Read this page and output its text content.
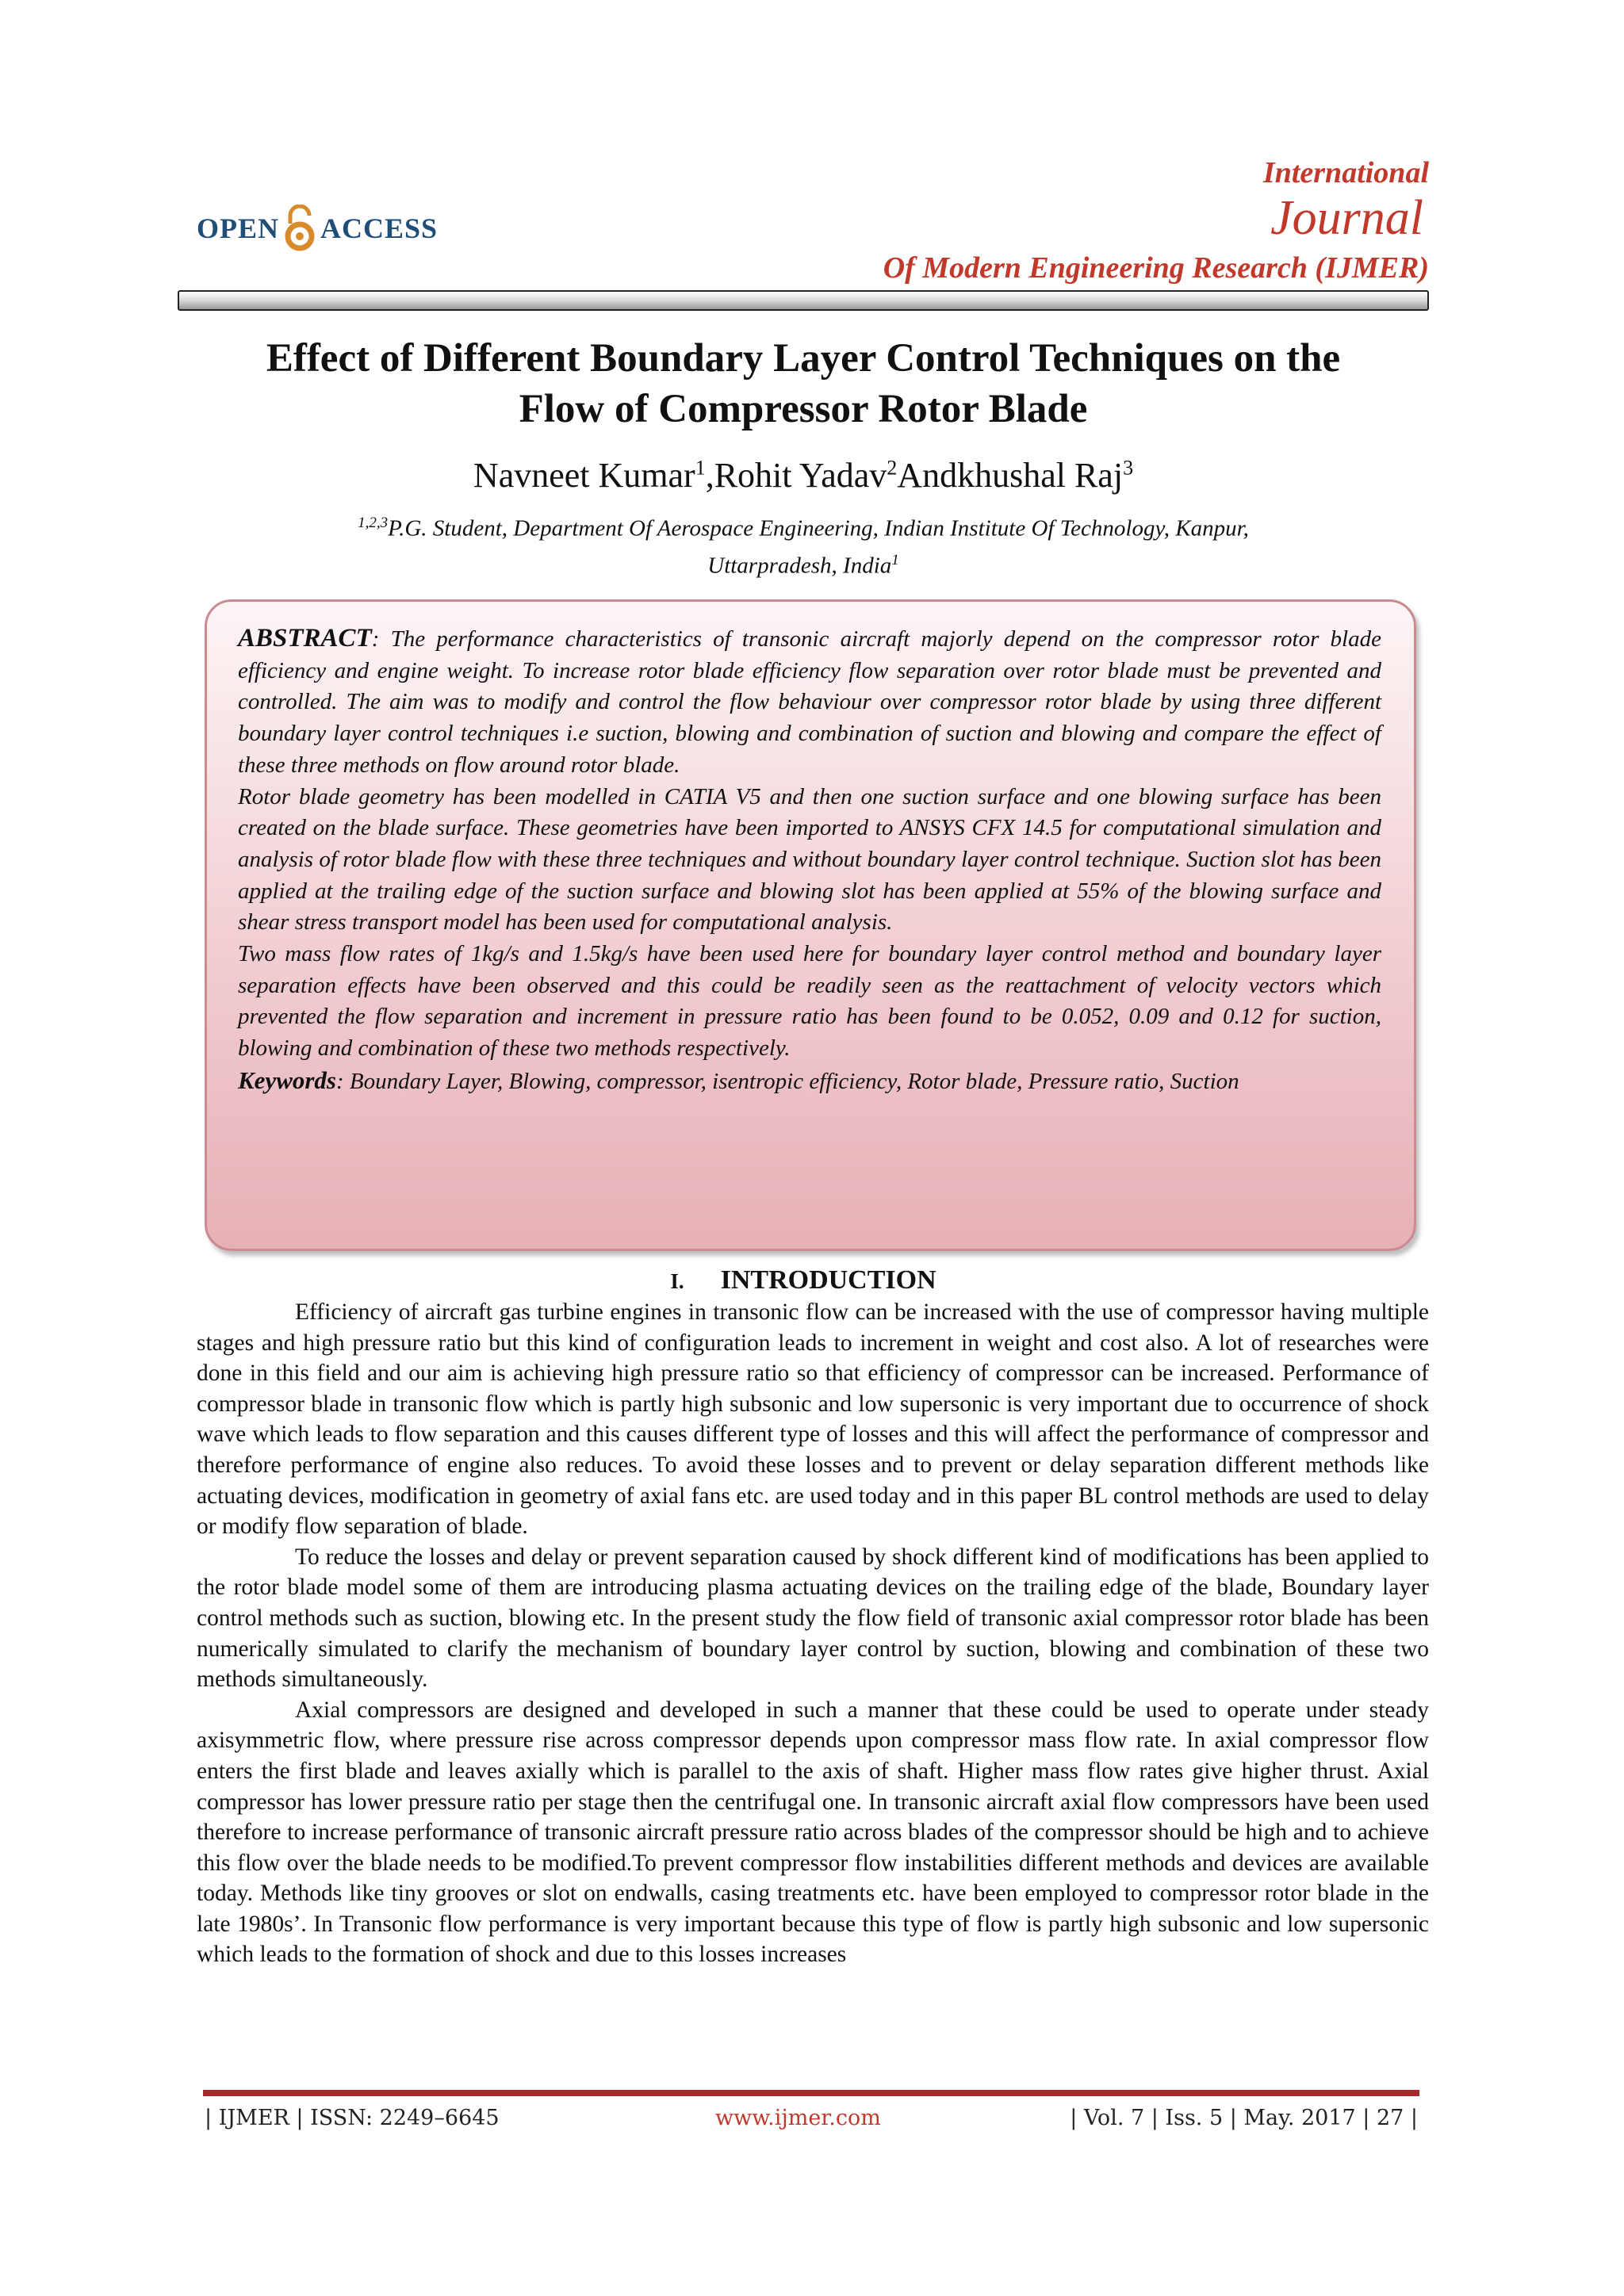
OPEN ACCESS
International
Journal
Of Modern Engineering Research (IJMER)
Effect of Different Boundary Layer Control Techniques on the
Flow of Compressor Rotor Blade
Navneet Kumar$^1$,Rohit Yadav$^2$Andkhushal Raj$^3$
$^{1,2,3}$P.G. Student, Department Of Aerospace Engineering, Indian Institute Of Technology, Kanpur,
Uttarpradesh, India$^1$

ABSTRACT: The performance characteristics of transonic aircraft majorly depend on the compressor rotor blade efficiency and engine weight. To increase rotor blade efficiency flow separation over rotor blade must be prevented and controlled. The aim was to modify and control the flow behaviour over compressor rotor blade by using three different boundary layer control techniques i.e suction, blowing and combination of suction and blowing and compare the effect of these three methods on flow around rotor blade.

Rotor blade geometry has been modelled in CATIA V5 and then one suction surface and one blowing surface has been created on the blade surface. These geometries have been imported to ANSYS CFX 14.5 for computational simulation and analysis of rotor blade flow with these three techniques and without boundary layer control technique. Suction slot has been applied at the trailing edge of the suction surface and blowing slot has been applied at 55% of the blowing surface and shear stress transport model has been used for computational analysis.

Two mass flow rates of 1kg/s and 1.5kg/s have been used here for boundary layer control method and boundary layer separation effects have been observed and this could be readily seen as the reattachment of velocity vectors which prevented the flow separation and increment in pressure ratio has been found to be 0.052, 0.09 and 0.12 for suction, blowing and combination of these two methods respectively.

Keywords: Boundary Layer, Blowing, compressor, isentropic efficiency, Rotor blade, Pressure ratio, Suction

I. INTRODUCTION

Efficiency of aircraft gas turbine engines in transonic flow can be increased with the use of compressor having multiple stages and high pressure ratio but this kind of configuration leads to increment in weight and cost also. A lot of researches were done in this field and our aim is achieving high pressure ratio so that efficiency of compressor can be increased. Performance of compressor blade in transonic flow which is partly high subsonic and low supersonic is very important due to occurrence of shock wave which leads to flow separation and this causes different type of losses and this will affect the performance of compressor and therefore performance of engine also reduces. To avoid these losses and to prevent or delay separation different methods like actuating devices, modification in geometry of axial fans etc. are used today and in this paper BL control methods are used to delay or modify flow separation of blade.

To reduce the losses and delay or prevent separation caused by shock different kind of modifications has been applied to the rotor blade model some of them are introducing plasma actuating devices on the trailing edge of the blade, Boundary layer control methods such as suction, blowing etc. In the present study the flow field of transonic axial compressor rotor blade has been numerically simulated to clarify the mechanism of boundary layer control by suction, blowing and combination of these two methods simultaneously.

Axial compressors are designed and developed in such a manner that these could be used to operate under steady axisymmetric flow, where pressure rise across compressor depends upon compressor mass flow rate. In axial compressor flow enters the first blade and leaves axially which is parallel to the axis of shaft. Higher mass flow rates give higher thrust. Axial compressor has lower pressure ratio per stage then the centrifugal one. In transonic aircraft axial flow compressors have been used therefore to increase performance of transonic aircraft pressure ratio across blades of the compressor should be high and to achieve this flow over the blade needs to be modified.To prevent compressor flow instabilities different methods and devices are available today. Methods like tiny grooves or slot on endwalls, casing treatments etc. have been employed to compressor rotor blade in the late 1980s’. In Transonic flow performance is very important because this type of flow is partly high subsonic and low supersonic which leads to the formation of shock and due to this losses increases

| IJMER | ISSN: 2249–6645	www.ijmer.com	| Vol. 7 | Iss. 5 | May. 2017 | 27 |
